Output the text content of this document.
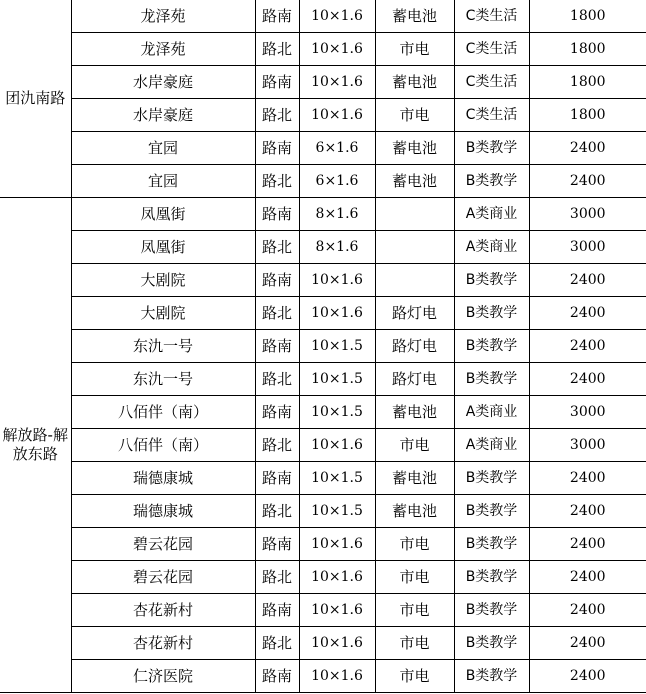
团氿南路	龙泽苑	路南	10×1.6	蓄电池	C类生活	1800
	龙泽苑	路北	10×1.6	市电	C类生活	1800
	水岸豪庭	路南	10×1.6	蓄电池	C类生活	1800
	水岸豪庭	路北	10×1.6	市电	C类生活	1800
	宜园	路南	6×1.6	蓄电池	B类教学	2400
	宜园	路北	6×1.6	蓄电池	B类教学	2400
解放路-解放东路	凤凰街	路南	8×1.6		A类商业	3000
	凤凰街	路北	8×1.6		A类商业	3000
	大剧院	路南	10×1.6		B类教学	2400
	大剧院	路北	10×1.6	路灯电	B类教学	2400
	东氿一号	路南	10×1.5	路灯电	B类教学	2400
	东氿一号	路北	10×1.5	路灯电	B类教学	2400
	八佰伴（南）	路南	10×1.5	蓄电池	A类商业	3000
	八佰伴（南）	路北	10×1.6	市电	A类商业	3000
	瑞德康城	路南	10×1.5	蓄电池	B类教学	2400
	瑞德康城	路北	10×1.5	蓄电池	B类教学	2400
	碧云花园	路南	10×1.6	市电	B类教学	2400
	碧云花园	路北	10×1.6	市电	B类教学	2400
	杏花新村	路南	10×1.6	市电	B类教学	2400
	杏花新村	路北	10×1.6	市电	B类教学	2400
	仁济医院	路南	10×1.6	市电	B类教学	2400
